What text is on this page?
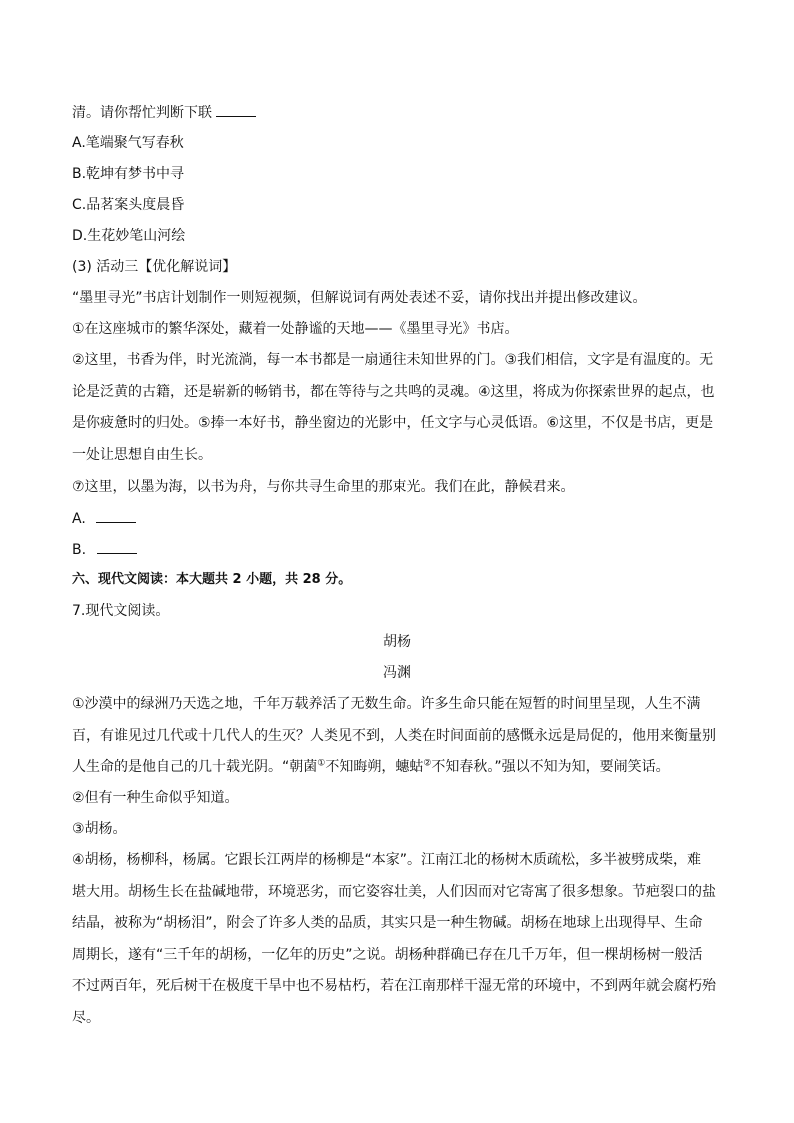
清。请你帮忙判断下联
A.笔端聚气写春秋
B.乾坤有梦书中寻
C.品茗案头度晨昏
D.生花妙笔山河绘
(3) 活动三【优化解说词】
“墨里寻光”书店计划制作一则短视频，但解说词有两处表述不妥，请你找出并提出修改建议。
①在这座城市的繁华深处，藏着一处静谧的天地——《墨里寻光》书店。
②这里，书香为伴，时光流淌，每一本书都是一扇通往未知世界的门。③我们相信，文字是有温度的。无
论是泛黄的古籍，还是崭新的畅销书，都在等待与之共鸣的灵魂。④这里，将成为你探索世界的起点，也
是你疲惫时的归处。⑤捧一本好书，静坐窗边的光影中，任文字与心灵低语。⑥这里，不仅是书店，更是
一处让思想自由生长。
⑦这里，以墨为海，以书为舟，与你共寻生命里的那束光。我们在此，静候君来。
A.
B.
六、现代文阅读：本大题共 2 小题，共 28 分。
7.现代文阅读。
胡杨
冯渊
①沙漠中的绿洲乃天选之地，千年万载养活了无数生命。许多生命只能在短暂的时间里呈现，人生不满
百，有谁见过几代或十几代人的生灭？人类见不到，人类在时间面前的感慨永远是局促的，他用来衡量别
人生命的是他自己的几十载光阴。“朝菌①不知晦朔，蟪蛄②不知春秋。”强以不知为知，要闹笑话。
②但有一种生命似乎知道。
③胡杨。
④胡杨，杨柳科，杨属。它跟长江两岸的杨柳是“本家”。江南江北的杨树木质疏松，多半被劈成柴，难
堪大用。胡杨生长在盐碱地带，环境恶劣，而它姿容壮美，人们因而对它寄寓了很多想象。节疤裂口的盐
结晶，被称为“胡杨泪”，附会了许多人类的品质，其实只是一种生物碱。胡杨在地球上出现得早、生命
周期长，遂有“三千年的胡杨，一亿年的历史”之说。胡杨种群确已存在几千万年，但一棵胡杨树一般活
不过两百年，死后树干在极度干旱中也不易枯朽，若在江南那样干湿无常的环境中，不到两年就会腐朽殆
尽。
